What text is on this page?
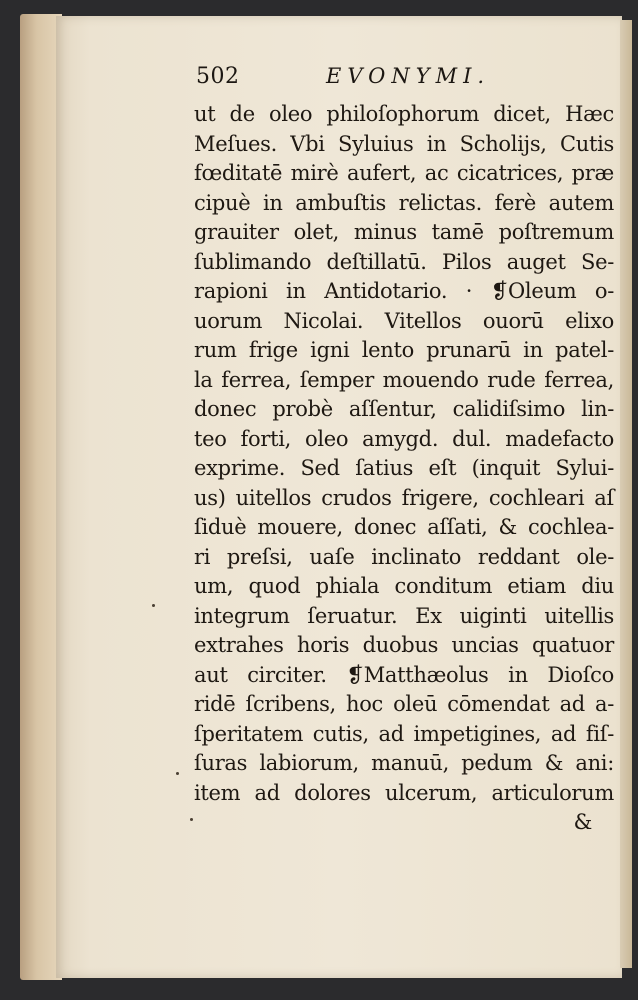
502	EVONYMI.
ut de oleo philoſophorum dicet, Hæc
Meſues. Vbi Syluius in Scholijs, Cutis
fœditatē mirè aufert, ac cicatrices, præ
cipuè in ambuſtis relictas. ferè autem
grauiter olet, minus tamē poſtremum
ſublimando deſtillatū. Pilos auget Se-
rapioni in Antidotario. · ❡Oleum o-
uorum Nicolai. Vitellos ouorū elixo
rum frige igni lento prunarū in patel-
la ferrea, ſemper mouendo rude ferrea,
donec probè aſſentur, calidiſsimo lin-
teo forti, oleo amygd. dul. madefacto
exprime. Sed ſatius eſt (inquit Sylui-
us) uitellos crudos frigere, cochleari aſ
ſiduè mouere, donec aſſati, & cochlea-
ri preſsi, uaſe inclinato reddant ole-
um, quod phiala conditum etiam diu
integrum ſeruatur. Ex uiginti uitellis
extrahes horis duobus uncias quatuor
aut circiter. ❡Matthæolus in Dioſco
ridē ſcribens, hoc oleū cōmendat ad a-
ſperitatem cutis, ad impetigines, ad fiſ-
ſuras labiorum, manuū, pedum & ani:
item ad dolores ulcerum, articulorum
&
